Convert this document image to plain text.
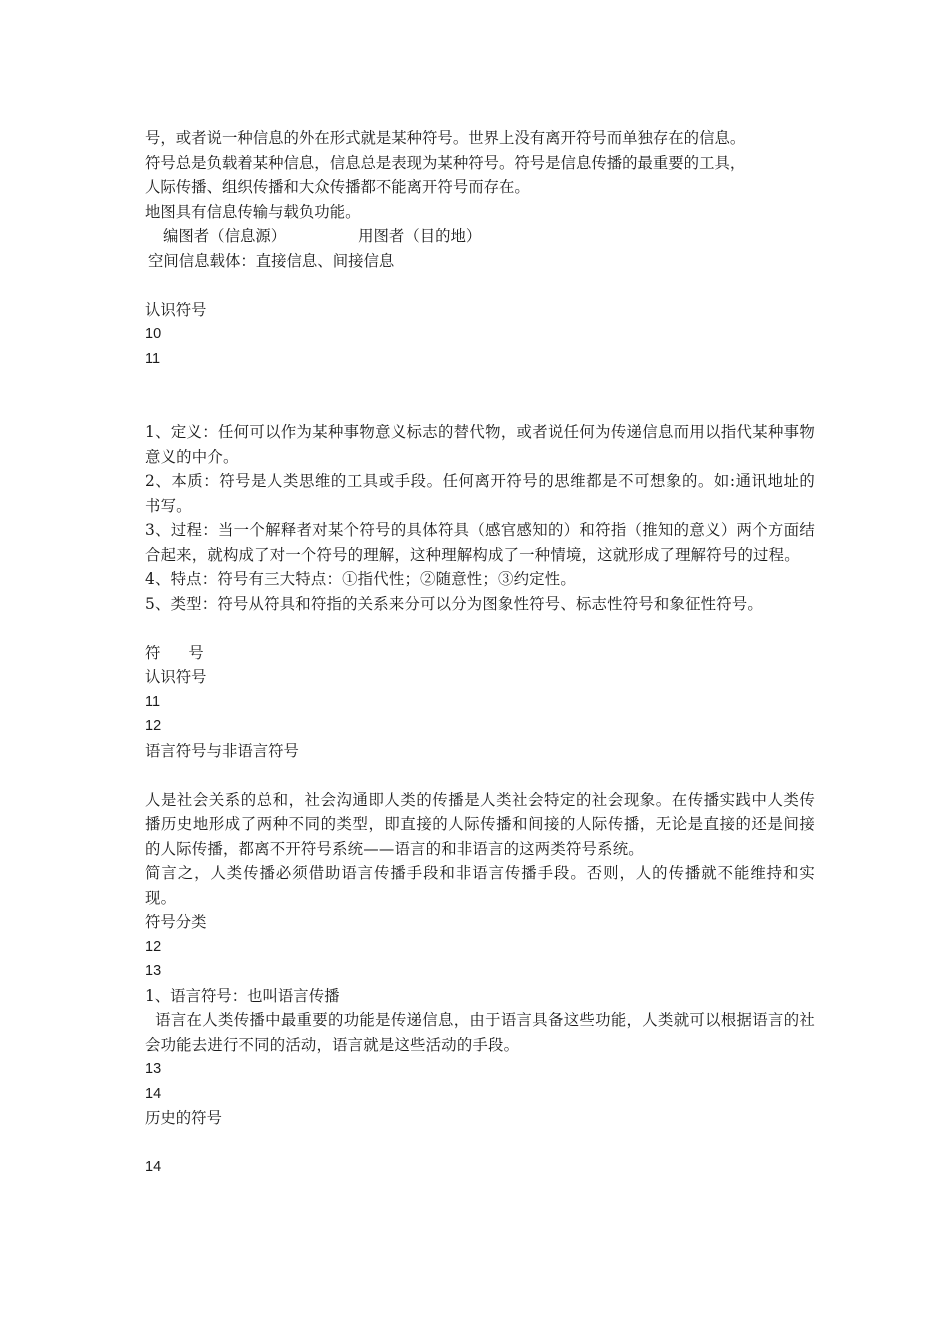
号，或者说一种信息的外在形式就是某种符号。世界上没有离开符号而单独存在的信息。
符号总是负载着某种信息，信息总是表现为某种符号。符号是信息传播的最重要的工具，
人际传播、组织传播和大众传播都不能离开符号而存在。
地图具有信息传输与载负功能。
编图者（信息源）	用图者（目的地）
空间信息载体：直接信息、间接信息
认识符号
10
11
1、定义：任何可以作为某种事物意义标志的替代物，或者说任何为传递信息而用以指代某种事物意义的中介。
2、本质：符号是人类思维的工具或手段。任何离开符号的思维都是不可想象的。如:通讯地址的书写。
3、过程：当一个解释者对某个符号的具体符具（感官感知的）和符指（推知的意义）两个方面结合起来，就构成了对一个符号的理解，这种理解构成了一种情境，这就形成了理解符号的过程。
4、特点：符号有三大特点：①指代性；②随意性；③约定性。
5、类型：符号从符具和符指的关系来分可以分为图象性符号、标志性符号和象征性符号。
符 号
认识符号
11
12
语言符号与非语言符号
人是社会关系的总和，社会沟通即人类的传播是人类社会特定的社会现象。在传播实践中人类传播历史地形成了两种不同的类型，即直接的人际传播和间接的人际传播，无论是直接的还是间接的人际传播，都离不开符号系统——语言的和非语言的这两类符号系统。
简言之，人类传播必须借助语言传播手段和非语言传播手段。否则，人的传播就不能维持和实现。
符号分类
12
13
1、语言符号：也叫语言传播
语言在人类传播中最重要的功能是传递信息，由于语言具备这些功能，人类就可以根据语言的社会功能去进行不同的活动，语言就是这些活动的手段。
13
14
历史的符号
14
